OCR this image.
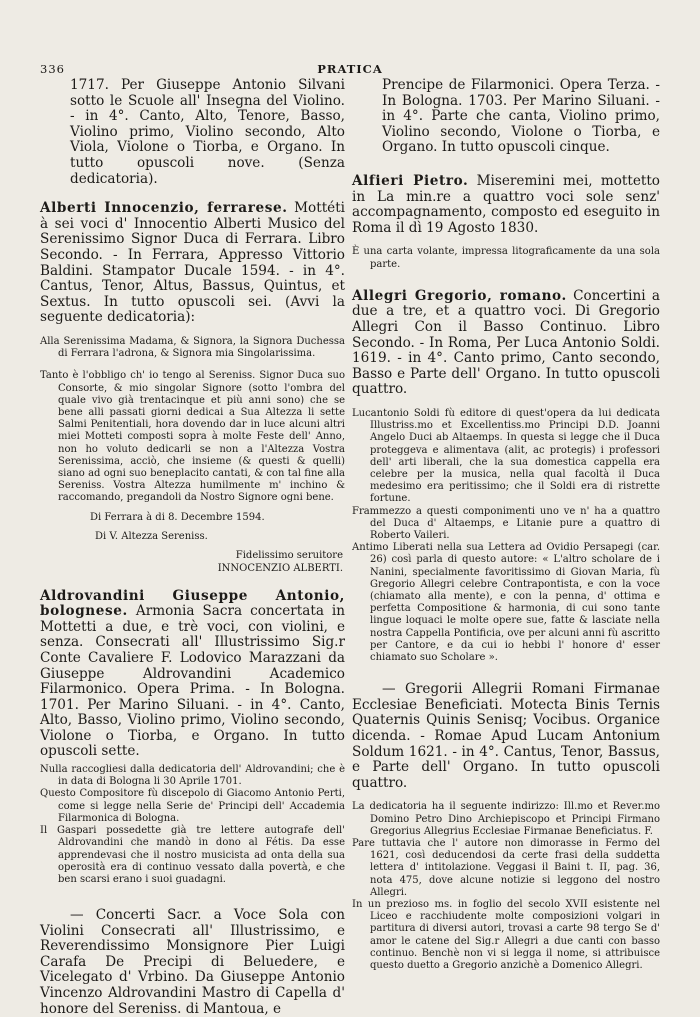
336	PRATICA

1717. Per Giuseppe Antonio Silvani sotto le Scuole all' Insegna del Violino. - in 4°. Canto, Alto, Tenore, Basso, Violino primo, Violino secondo, Alto Viola, Violone o Tiorba, e Organo. In tutto opuscoli nove. (Senza dedicatoria).

Alberti Innocenzio, ferrarese. Mottéti à sei voci d' Innocentio Alberti Musico del Serenissimo Signor Duca di Ferrara. Libro Secondo. - In Ferrara, Appresso Vittorio Baldini. Stampator Ducale 1594. - in 4°. Cantus, Tenor, Altus, Bassus, Quintus, et Sextus. In tutto opuscoli sei. (Avvi la seguente dedicatoria):

Alla Serenissima Madama, & Signora, la Signora Duchessa di Ferrara l'adrona, & Signora mia Singolarissima.

Tanto è l'obbligo ch' io tengo al Sereniss. Signor Duca suo Consorte, & mio singolar Signore (sotto l'ombra del quale vivo già trentacinque et più anni sono) che se bene alli passati giorni dedicai a Sua Altezza li sette Salmi Penitentiali, hora dovendo dar in luce alcuni altri miei Motteti composti sopra à molte Feste dell' Anno, non ho voluto dedicarli se non a l'Altezza Vostra Serenissima, acciò, che insieme (& questi & quelli) siano ad ogni suo beneplacito cantati, & con tal fine alla Sereniss. Vostra Altezza humilmente m' inchino & raccomando, pregandoli da Nostro Signore ogni bene.

Di Ferrara à di 8. Decembre 1594.

Di V. Altezza Sereniss.

Fidelissimo seruitore

INNOCENZIO ALBERTI.

Aldrovandini Giuseppe Antonio, bolognese. Armonia Sacra concertata in Mottetti a due, e trè voci, con violini, e senza. Consecrati all' Illustrissimo Sig.r Conte Cavaliere F. Lodovico Marazzani da Giuseppe Aldrovandini Academico Filarmonico. Opera Prima. - In Bologna. 1701. Per Marino Siluani. - in 4°. Canto, Alto, Basso, Violino primo, Violino secondo, Violone o Tiorba, e Organo. In tutto opuscoli sette.

Nulla raccogliesi dalla dedicatoria dell' Aldrovandini; che è in data di Bologna li 30 Aprile 1701.

Questo Compositore fù discepolo di Giacomo Antonio Perti, come si legge nella Serie de' Principi dell' Accademia Filarmonica di Bologna.

Il Gaspari possedette già tre lettere autografe dell' Aldrovandini che mandò in dono al Fétis. Da esse apprendevasi che il nostro musicista ad onta della sua operosità era di continuo vessato dalla povertà, e che ben scarsi erano i suoi guadagni.

— Concerti Sacr. a Voce Sola con Violini Consecrati all' Illustrissimo, e Reverendissimo Monsignore Pier Luigi Carafa De Precipi di Beluedere, e Vicelegato d' Vrbino. Da Giuseppe Antonio Vincenzo Aldrovandini Mastro di Capella d' honore del Sereniss. di Mantoua, e

Prencipe de Filarmonici. Opera Terza. - In Bologna. 1703. Per Marino Siluani. - in 4°. Parte che canta, Violino primo, Violino secondo, Violone o Tiorba, e Organo. In tutto opuscoli cinque.

Alfieri Pietro. Miseremini mei, mottetto in La min.re a quattro voci sole senz' accompagnamento, composto ed eseguito in Roma il dì 19 Agosto 1830.

È una carta volante, impressa litograficamente da una sola parte.

Allegri Gregorio, romano. Concertini a due a tre, et a quattro voci. Di Gregorio Allegri Con il Basso Continuo. Libro Secondo. - In Roma, Per Luca Antonio Soldi. 1619. - in 4°. Canto primo, Canto secondo, Basso e Parte dell' Organo. In tutto opuscoli quattro.

Lucantonio Soldi fù editore di quest'opera da lui dedicata Illustriss.mo et Excellentiss.mo Principi D.D. Joanni Angelo Duci ab Altaemps. In questa si legge che il Duca proteggeva e alimentava (alit, ac protegis) i professori dell' arti liberali, che la sua domestica cappella era celebre per la musica, nella qual facoltà il Duca medesimo era peritissimo; che il Soldi era di ristrette fortune.

Frammezzo a questi componimenti uno ve n' ha a quattro del Duca d' Altaemps, e Litanie pure a quattro di Roberto Vaileri.

Antimo Liberati nella sua Lettera ad Ovidio Persapegi (car. 26) così parla di questo autore: « L'altro scholare de i Nanini, specialmente favoritissimo di Giovan Maria, fù Gregorio Allegri celebre Contrapontista, e con la voce (chiamato alla mente), e con la penna, d' ottima e perfetta Compositione & harmonia, di cui sono tante lingue loquaci le molte opere sue, fatte & lasciate nella nostra Cappella Pontificia, ove per alcuni anni fù ascritto per Cantore, e da cui io hebbi l' honore d' esser chiamato suo Scholare ».

— Gregorii Allegrii Romani Firmanae Ecclesiae Beneficiati. Motecta Binis Ternis Quaternis Quinis Senisq; Vocibus. Organice dicenda. - Romae Apud Lucam Antonium Soldum 1621. - in 4°. Cantus, Tenor, Bassus, e Parte dell' Organo. In tutto opuscoli quattro.

La dedicatoria ha il seguente indirizzo: Ill.mo et Rever.mo Domino Petro Dino Archiepiscopo et Principi Firmano Gregorius Allegrius Ecclesiae Firmanae Beneficiatus. F.

Pare tuttavia che l' autore non dimorasse in Fermo del 1621, così deducendosi da certe frasi della suddetta lettera d' intitolazione. Veggasi il Baini t. II, pag. 36, nota 475, dove alcune notizie si leggono del nostro Allegri.

In un prezioso ms. in foglio del secolo XVII esistente nel Liceo e racchiudente molte composizioni volgari in partitura di diversi autori, trovasi a carte 98 tergo Se d' amor le catene del Sig.r Allegri a due canti con basso continuo. Benchè non vi si legga il nome, si attribuisce questo duetto a Gregorio anzichè a Domenico Allegri.
